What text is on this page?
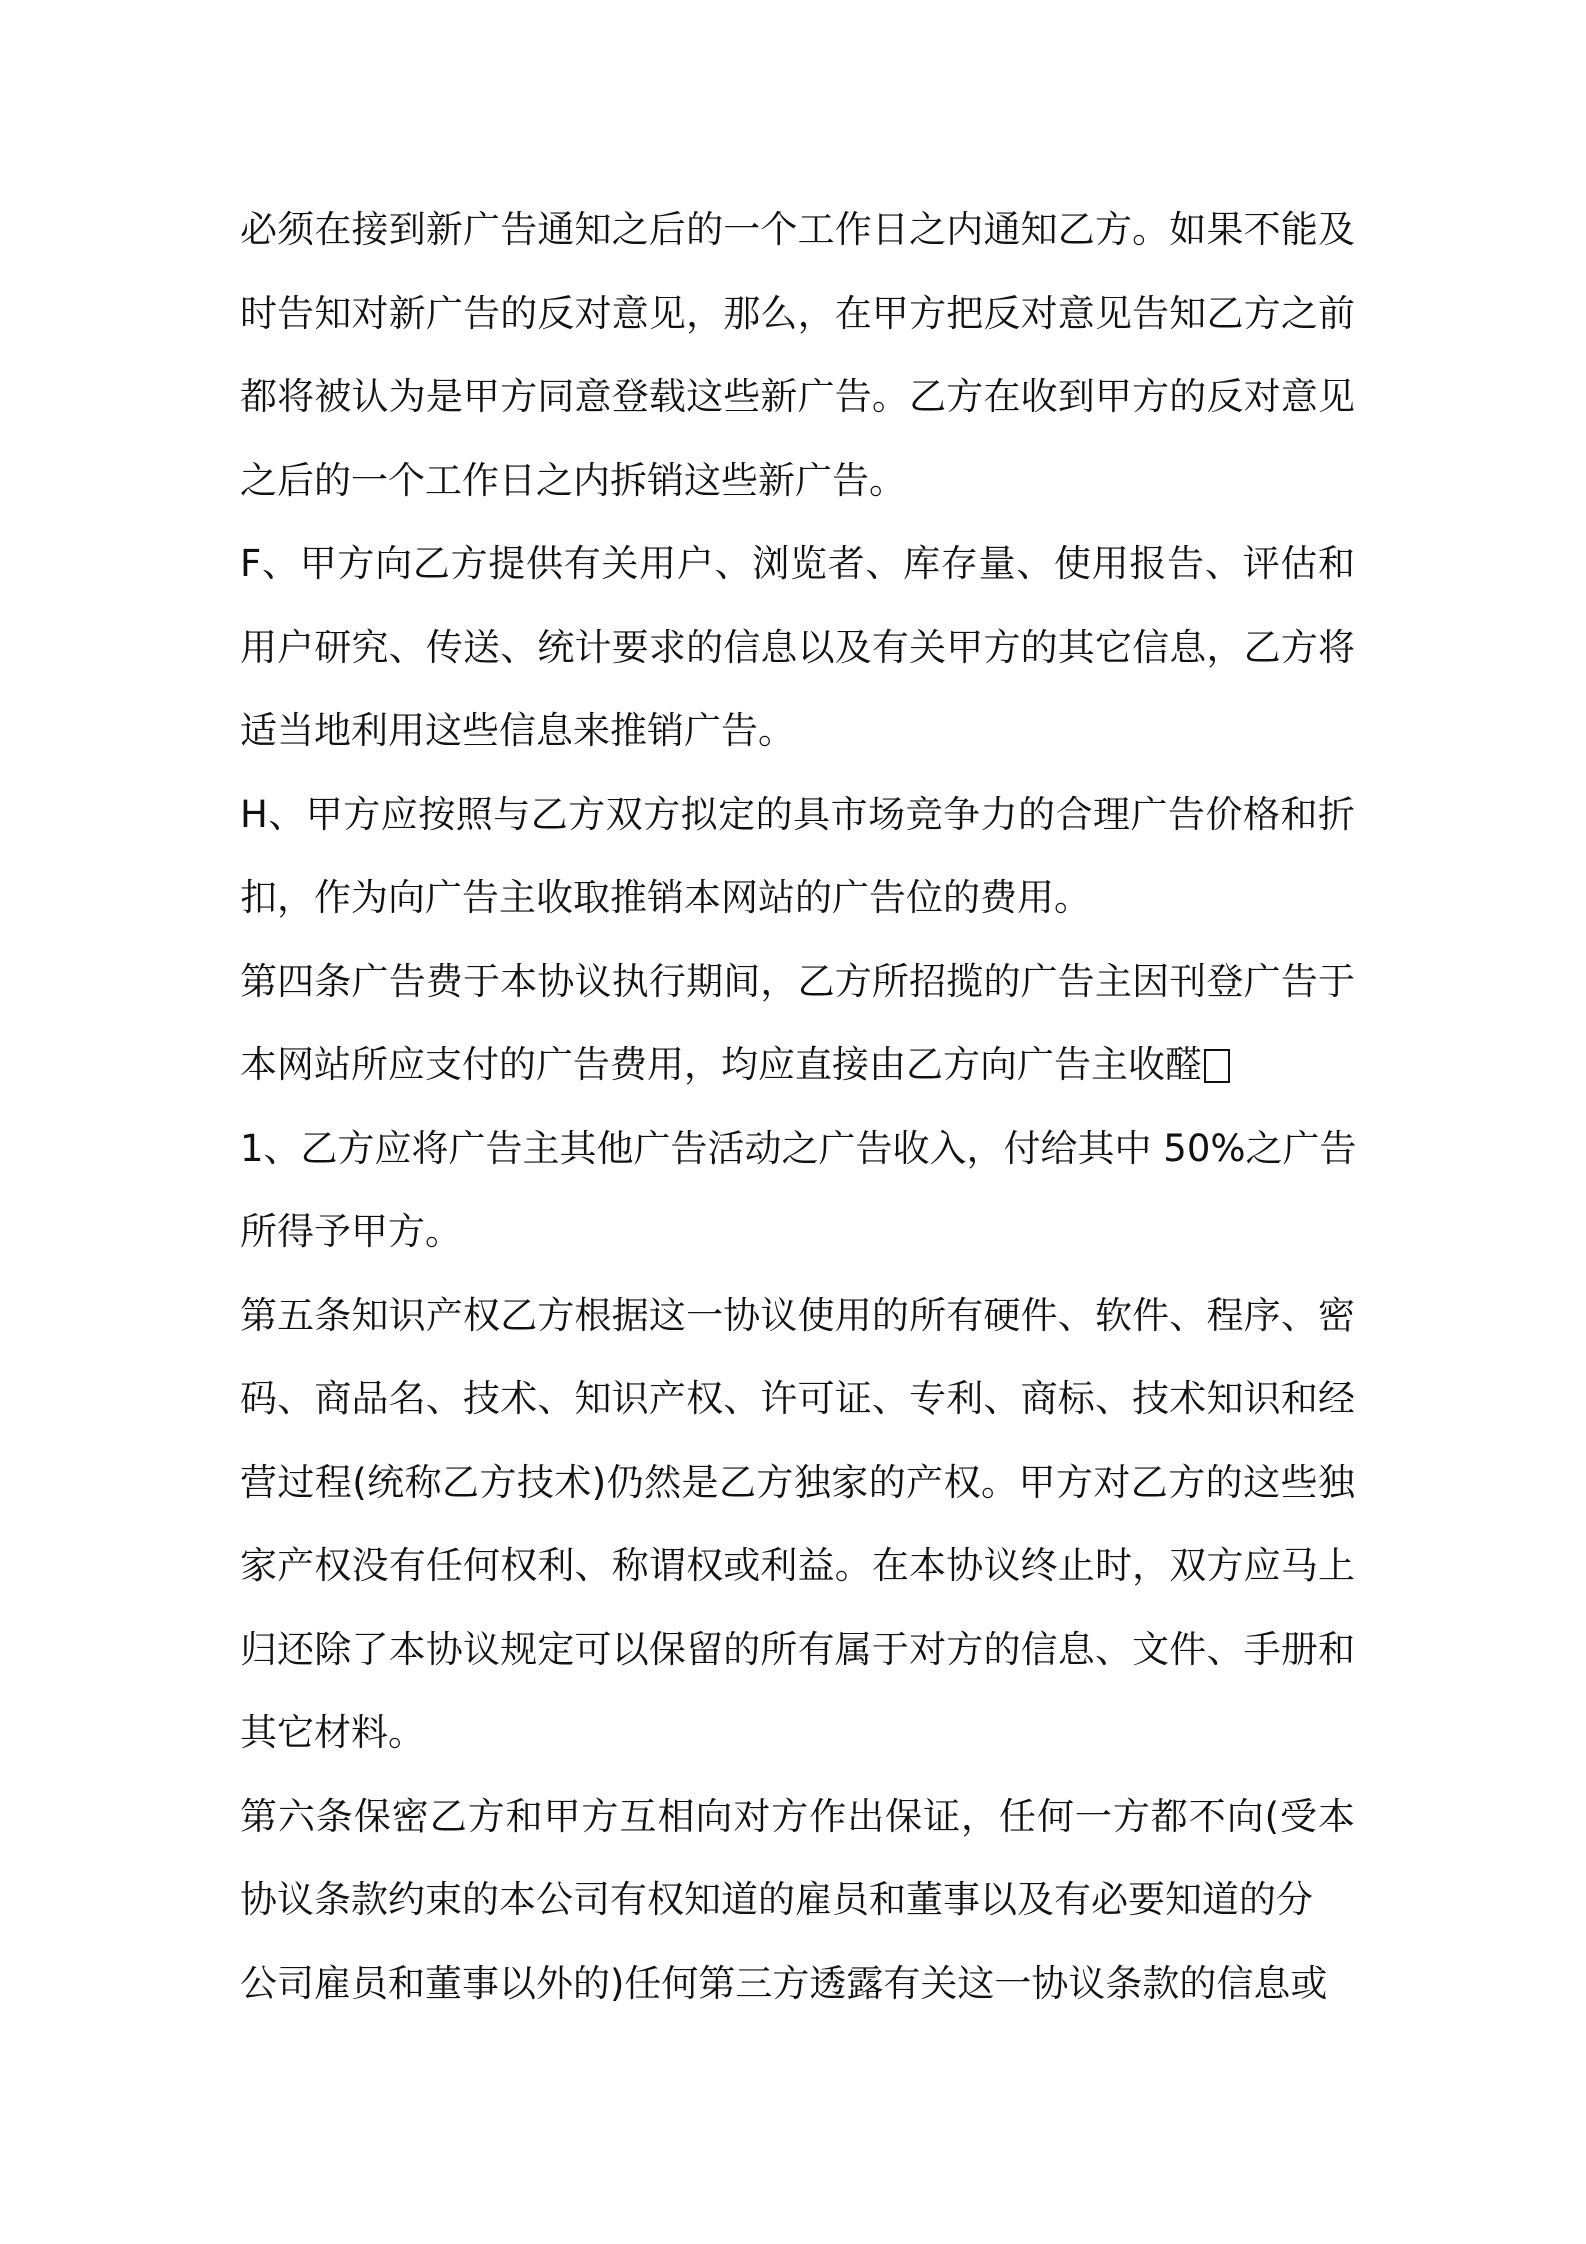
必须在接到新广告通知之后的一个工作日之内通知乙方。如果不能及
时告知对新广告的反对意见，那么，在甲方把反对意见告知乙方之前
都将被认为是甲方同意登载这些新广告。乙方在收到甲方的反对意见
之后的一个工作日之内拆销这些新广告。
F、甲方向乙方提供有关用户、浏览者、库存量、使用报告、评估和
用户研究、传送、统计要求的信息以及有关甲方的其它信息，乙方将
适当地利用这些信息来推销广告。
H、甲方应按照与乙方双方拟定的具市场竞争力的合理广告价格和折
扣，作为向广告主收取推销本网站的广告位的费用。
第四条广告费于本协议执行期间，乙方所招揽的广告主因刊登广告于
本网站所应支付的广告费用，均应直接由乙方向广告主收醛
1、乙方应将广告主其他广告活动之广告收入，付给其中 50%之广告
所得予甲方。
第五条知识产权乙方根据这一协议使用的所有硬件、软件、程序、密
码、商品名、技术、知识产权、许可证、专利、商标、技术知识和经
营过程(统称乙方技术)仍然是乙方独家的产权。甲方对乙方的这些独
家产权没有任何权利、称谓权或利益。在本协议终止时，双方应马上
归还除了本协议规定可以保留的所有属于对方的信息、文件、手册和
其它材料。
第六条保密乙方和甲方互相向对方作出保证，任何一方都不向(受本
协议条款约束的本公司有权知道的雇员和董事以及有必要知道的分
公司雇员和董事以外的)任何第三方透露有关这一协议条款的信息或
